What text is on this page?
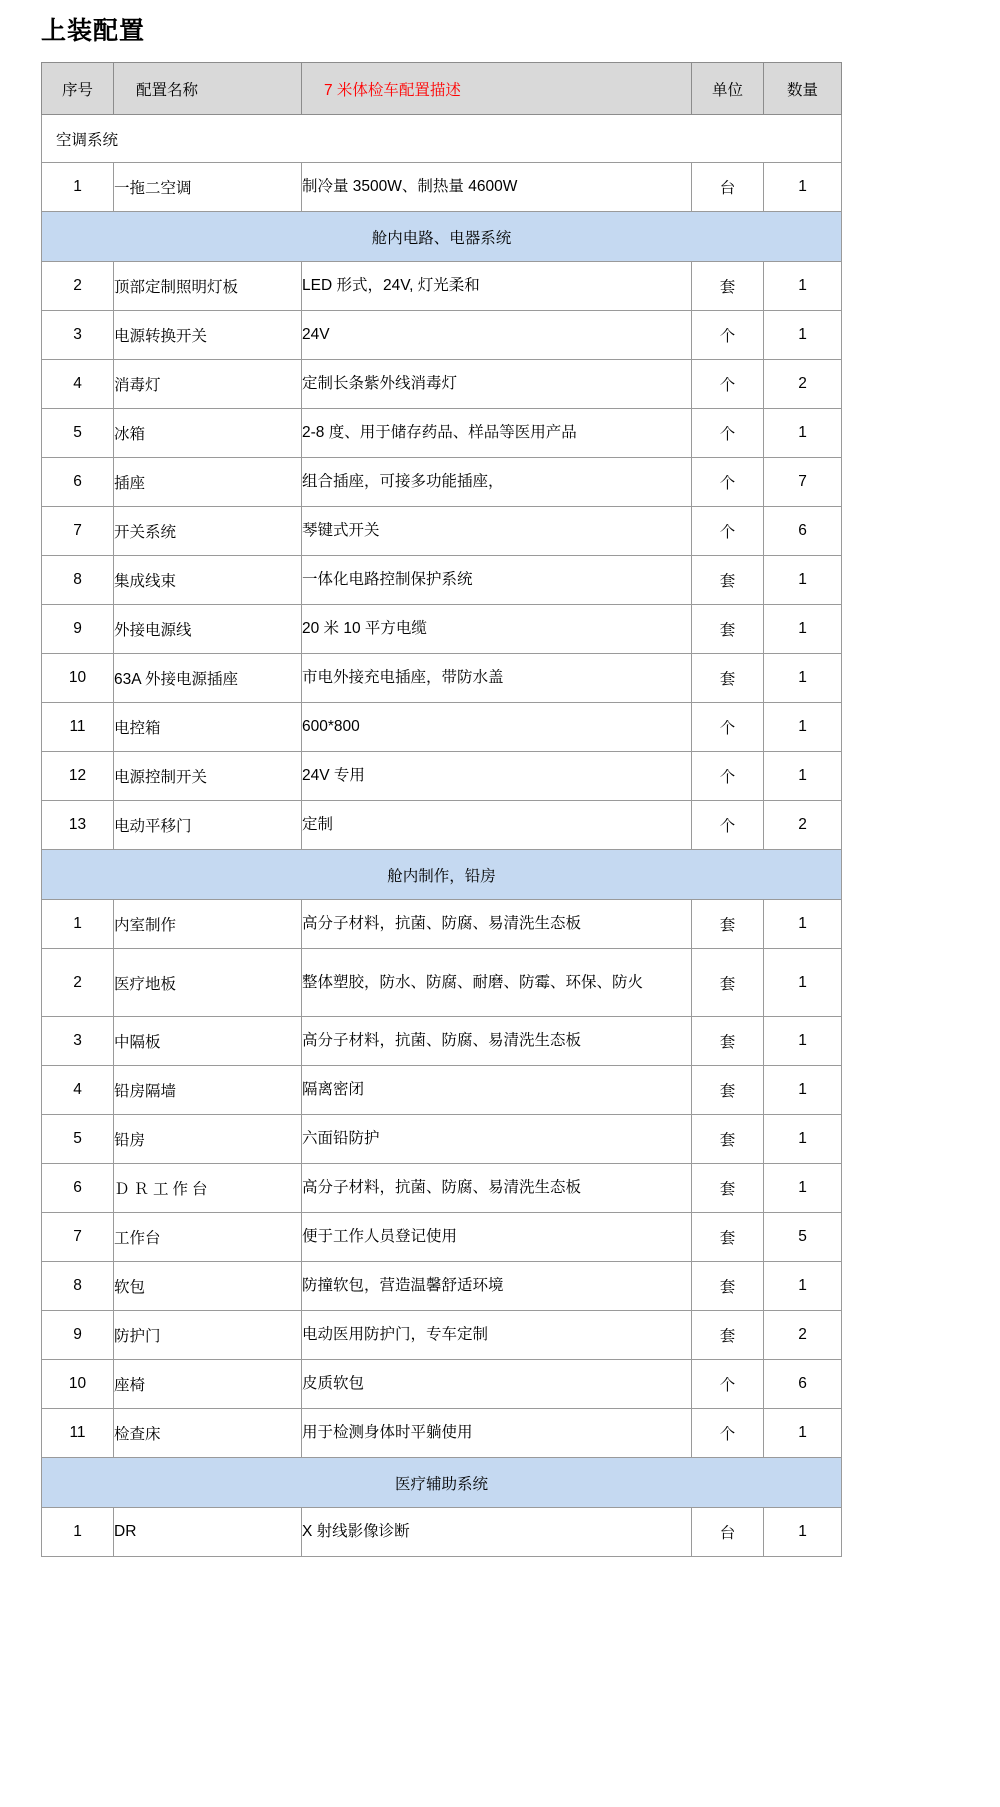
上装配置
序号	配置名称	7 米体检车配置描述	单位	数量
空调系统				
1	一拖二空调	制冷量 3500W、制热量 4600W	台	1
舱内电路、电器系统				
2	顶部定制照明灯板	LED 形式，24V, 灯光柔和	套	1
3	电源转换开关	24V	个	1
4	消毒灯	定制长条紫外线消毒灯	个	2
5	冰箱	2-8 度、用于储存药品、样品等医用产品	个	1
6	插座	组合插座，可接多功能插座，	个	7
7	开关系统	琴键式开关	个	6
8	集成线束	一体化电路控制保护系统	套	1
9	外接电源线	20 米 10 平方电缆	套	1
10	63A 外接电源插座	市电外接充电插座，带防水盖	套	1
11	电控箱	600*800	个	1
12	电源控制开关	24V 专用	个	1
13	电动平移门	定制	个	2
舱内制作，铅房				
1	内室制作	高分子材料，抗菌、防腐、易清洗生态板	套	1
2	医疗地板	整体塑胶，防水、防腐、耐磨、防霉、环保、防火	套	1
3	中隔板	高分子材料，抗菌、防腐、易清洗生态板	套	1
4	铅房隔墙	隔离密闭	套	1
5	铅房	六面铅防护	套	1
6	ＤＲ工作台	高分子材料，抗菌、防腐、易清洗生态板	套	1
7	工作台	便于工作人员登记使用	套	5
8	软包	防撞软包，营造温馨舒适环境	套	1
9	防护门	电动医用防护门，专车定制	套	2
10	座椅	皮质软包	个	6
11	检查床	用于检测身体时平躺使用	个	1
医疗辅助系统				
1	DR	X 射线影像诊断	台	1
